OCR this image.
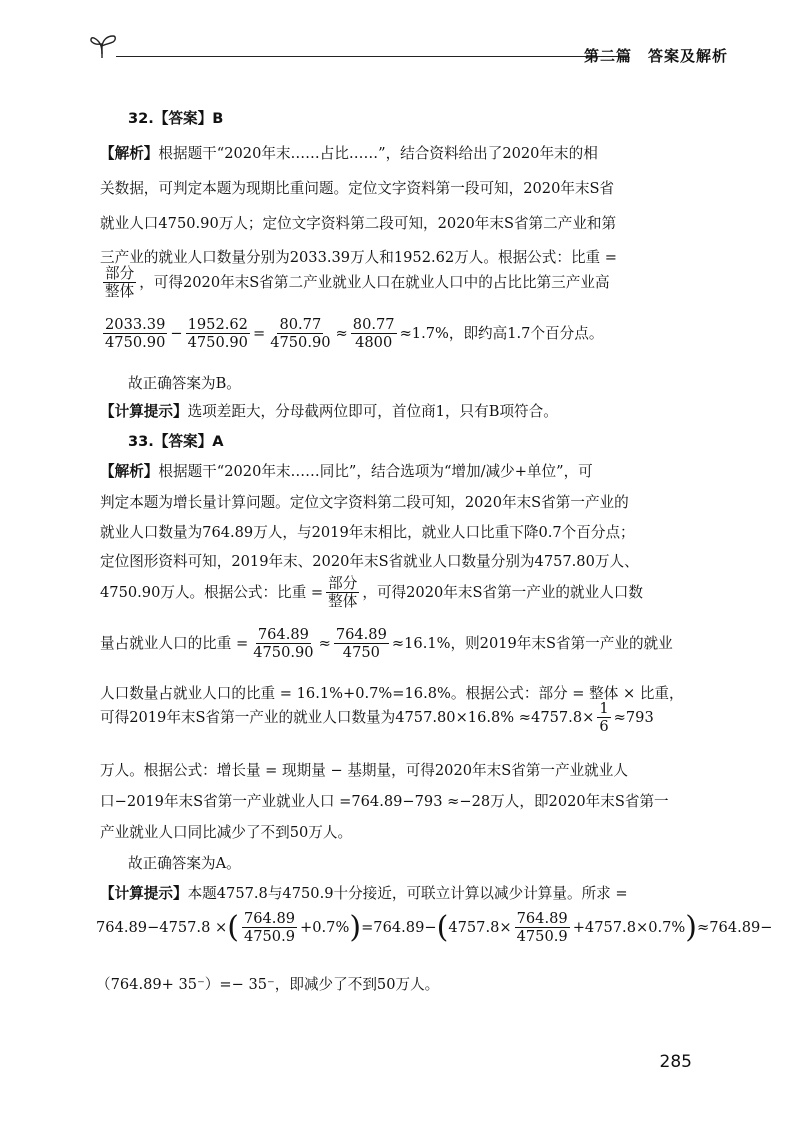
第二篇　答案及解析
32.【答案】B
【解析】根据题干“2020年末……占比……”，结合资料给出了2020年末的相
关数据，可判定本题为现期比重问题。定位文字资料第一段可知，2020年末S省
就业人口4750.90万人；定位文字资料第二段可知，2020年末S省第二产业和第
三产业的就业人口数量分别为2033.39万人和1952.62万人。根据公式：比重 =
$\frac{\text{部分}}{\text{整体}}$ ，可得2020年末S省第二产业就业人口在就业人口中的占比比第三产业高
$\frac{2033.39}{4750.90} - \frac{1952.62}{4750.90} = \frac{80.77}{4750.90} \approx \frac{80.77}{4800} \approx 1.7\%$，即约高1.7个百分点。
故正确答案为B。
【计算提示】选项差距大，分母截两位即可，首位商1，只有B项符合。
33.【答案】A
【解析】根据题干“2020年末……同比”，结合选项为“增加/减少+单位”，可
判定本题为增长量计算问题。定位文字资料第二段可知，2020年末S省第一产业的
就业人口数量为764.89万人，与2019年末相比，就业人口比重下降0.7个百分点；
定位图形资料可知，2019年末、2020年末S省就业人口数量分别为4757.80万人、
4750.90万人。根据公式：比重 = $\frac{\text{部分}}{\text{整体}}$ ，可得2020年末S省第一产业的就业人口数
量占就业人口的比重 = $\frac{764.89}{4750.90} \approx \frac{764.89}{4750} \approx 16.1\%$，则2019年末S省第一产业的就业
人口数量占就业人口的比重 = 16.1%+0.7%=16.8%。根据公式：部分 = 整体 × 比重，
可得2019年末S省第一产业的就业人口数量为$4757.80\times 16.8\% \approx 4757.8\times \frac{1}{6} \approx 793$
万人。根据公式：增长量 = 现期量 − 基期量，可得2020年末S省第一产业就业人
口−2019年末S省第一产业就业人口 =764.89−793 ≈−28万人，即2020年末S省第一
产业就业人口同比减少了不到50万人。
故正确答案为A。
【计算提示】本题4757.8与4750.9十分接近，可联立计算以减少计算量。所求 =
764.89−4757.8 ×( $\frac{764.89}{4750.9} +0.7\%)=764.89-(4757.8\times \frac{764.89}{4750.9} +4757.8\times 0.7\%)\approx 764.89-$
（764.89+ 35⁻）=− 35⁻，即减少了不到50万人。
285
